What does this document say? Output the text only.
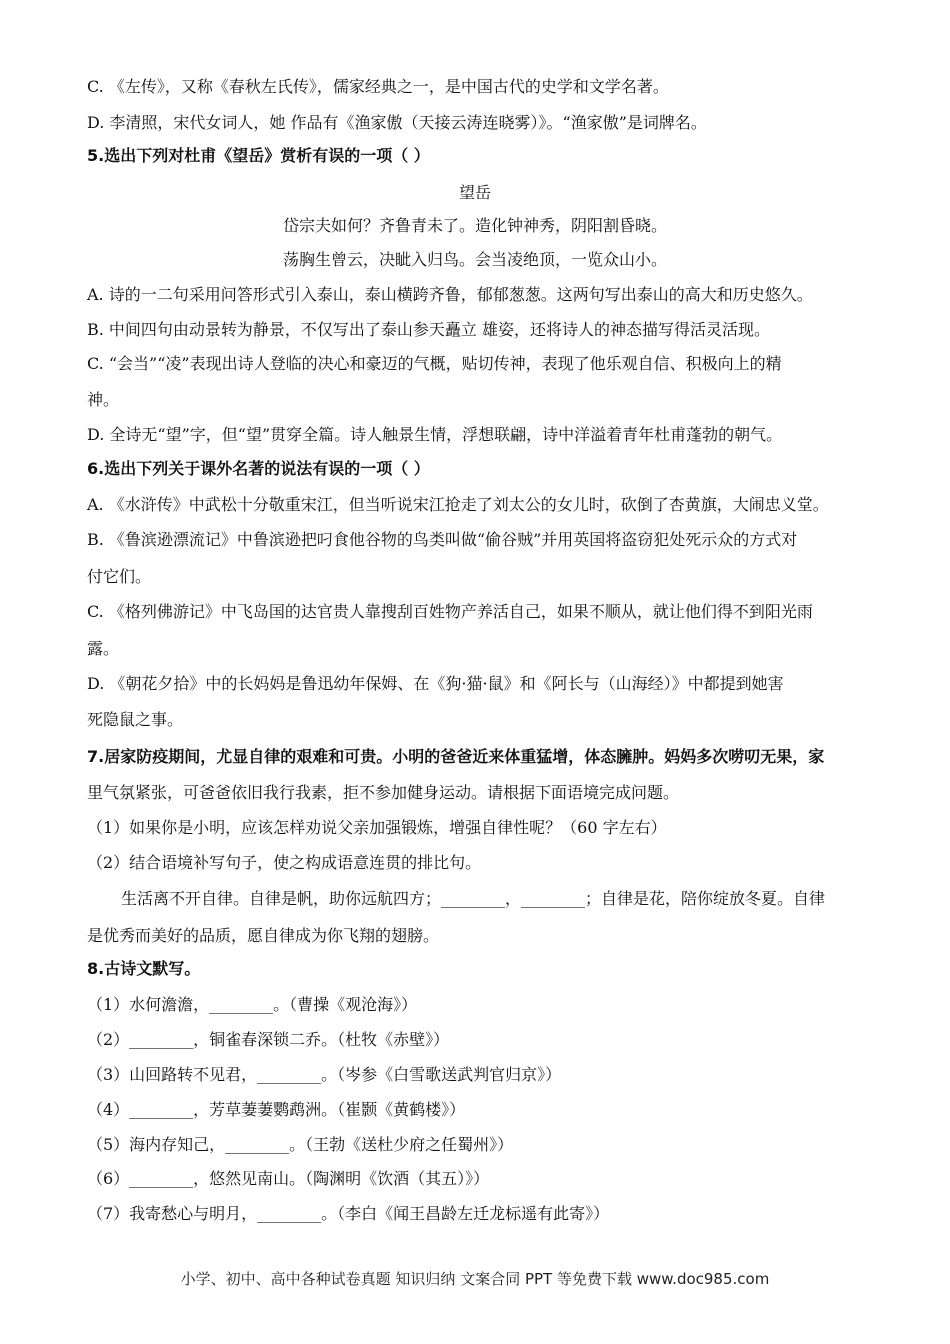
C. 《左传》，又称《春秋左氏传》，儒家经典之一，是中国古代的史学和文学名著。
D. 李清照，宋代女词人，她 作品有《渔家傲（天接云涛连晓雾）》。“渔家傲”是词牌名。
5.选出下列对杜甫《望岳》赏析有误的一项（ ）
望岳
岱宗夫如何？齐鲁青未了。造化钟神秀，阴阳割昏晓。
荡胸生曾云，决眦入归鸟。会当凌绝顶，一览众山小。
A. 诗的一二句采用问答形式引入泰山，泰山横跨齐鲁，郁郁葱葱。这两句写出泰山的高大和历史悠久。
B. 中间四句由动景转为静景，不仅写出了泰山参天矗立 雄姿，还将诗人的神态描写得活灵活现。
C. “会当”“凌”表现出诗人登临的决心和豪迈的气概，贴切传神，表现了他乐观自信、积极向上的精
神。
D. 全诗无“望”字，但“望”贯穿全篇。诗人触景生情，浮想联翩，诗中洋溢着青年杜甫蓬勃的朝气。
6.选出下列关于课外名著的说法有误的一项（ ）
A. 《水浒传》中武松十分敬重宋江，但当听说宋江抢走了刘太公的女儿时，砍倒了杏黄旗，大闹忠义堂。
B. 《鲁滨逊漂流记》中鲁滨逊把叼食他谷物的鸟类叫做“偷谷贼”并用英国将盗窃犯处死示众的方式对
付它们。
C. 《格列佛游记》中飞岛国的达官贵人靠搜刮百姓物产养活自己，如果不顺从，就让他们得不到阳光雨
露。
D. 《朝花夕拾》中的长妈妈是鲁迅幼年保姆、在《狗·猫·鼠》和《阿长与（山海经）》中都提到她害
死隐鼠之事。
7.居家防疫期间，尤显自律的艰难和可贵。小明的爸爸近来体重猛增，体态臃肿。妈妈多次唠叨无果，家
里气氛紧张，可爸爸依旧我行我素，拒不参加健身运动。请根据下面语境完成问题。
（1）如果你是小明，应该怎样劝说父亲加强锻炼，增强自律性呢？（60 字左右）
（2）结合语境补写句子，使之构成语意连贯的排比句。
生活离不开自律。自律是帆，助你远航四方；________，________；自律是花，陪你绽放冬夏。自律
是优秀而美好的品质，愿自律成为你飞翔的翅膀。
8.古诗文默写。
（1）水何澹澹，________。（曹操《观沧海》）
（2）________，铜雀春深锁二乔。（杜牧《赤壁》）
（3）山回路转不见君，________。（岑参《白雪歌送武判官归京》）
（4）________，芳草萋萋鹦鹉洲。（崔颢《黄鹤楼》）
（5）海内存知己，________。（王勃《送杜少府之任蜀州》）
（6）________，悠然见南山。（陶渊明《饮酒（其五）》）
（7）我寄愁心与明月，________。（李白《闻王昌龄左迁龙标遥有此寄》）
小学、初中、高中各种试卷真题 知识归纳 文案合同 PPT 等免费下载 www.doc985.com
